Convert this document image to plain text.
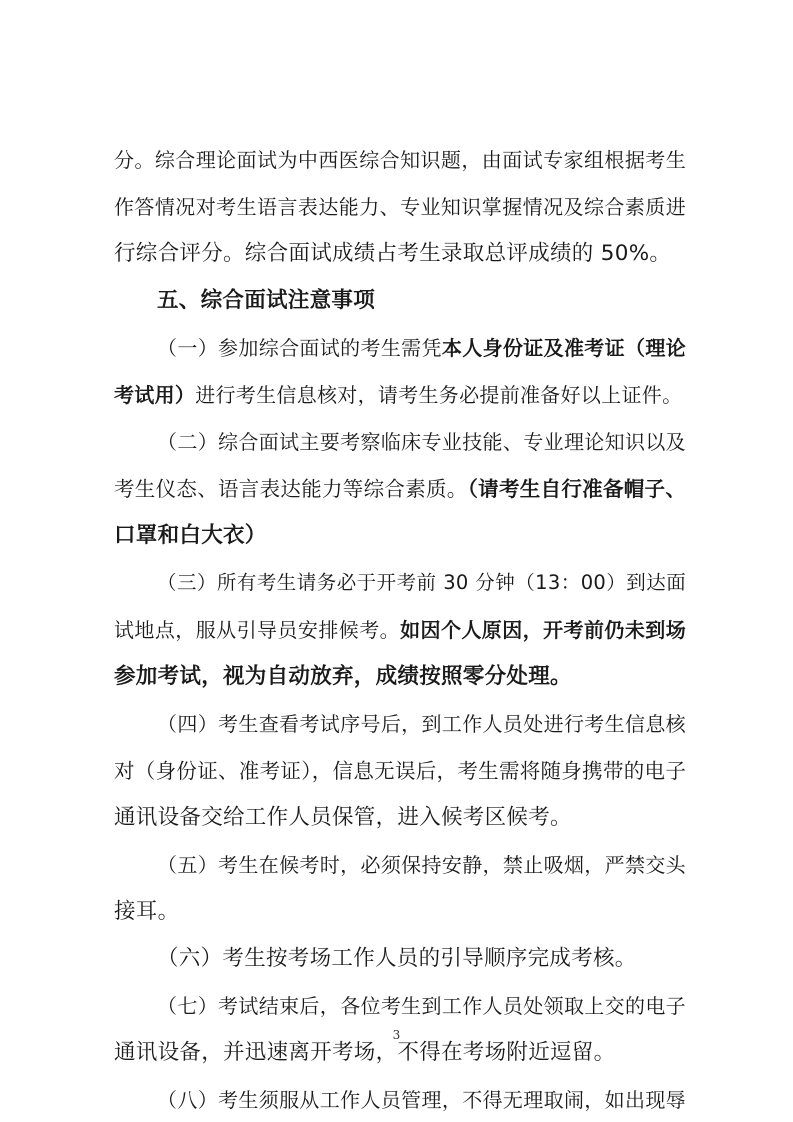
分。综合理论面试为中西医综合知识题，由面试专家组根据考生
作答情况对考生语言表达能力、专业知识掌握情况及综合素质进
行综合评分。综合面试成绩占考生录取总评成绩的 50%。
五、综合面试注意事项
（一）参加综合面试的考生需凭本人身份证及准考证（理论
考试用）进行考生信息核对，请考生务必提前准备好以上证件。
（二）综合面试主要考察临床专业技能、专业理论知识以及
考生仪态、语言表达能力等综合素质。（请考生自行准备帽子、
口罩和白大衣）
（三）所有考生请务必于开考前 30 分钟（13：00）到达面
试地点，服从引导员安排候考。如因个人原因，开考前仍未到场
参加考试，视为自动放弃，成绩按照零分处理。
（四）考生查看考试序号后，到工作人员处进行考生信息核
对（身份证、准考证），信息无误后，考生需将随身携带的电子
通讯设备交给工作人员保管，进入候考区候考。
（五）考生在候考时，必须保持安静，禁止吸烟，严禁交头
接耳。
（六）考生按考场工作人员的引导顺序完成考核。
（七）考试结束后，各位考生到工作人员处领取上交的电子
通讯设备，并迅速离开考场，不得在考场附近逗留。
（八）考生须服从工作人员管理，不得无理取闹，如出现辱
3
